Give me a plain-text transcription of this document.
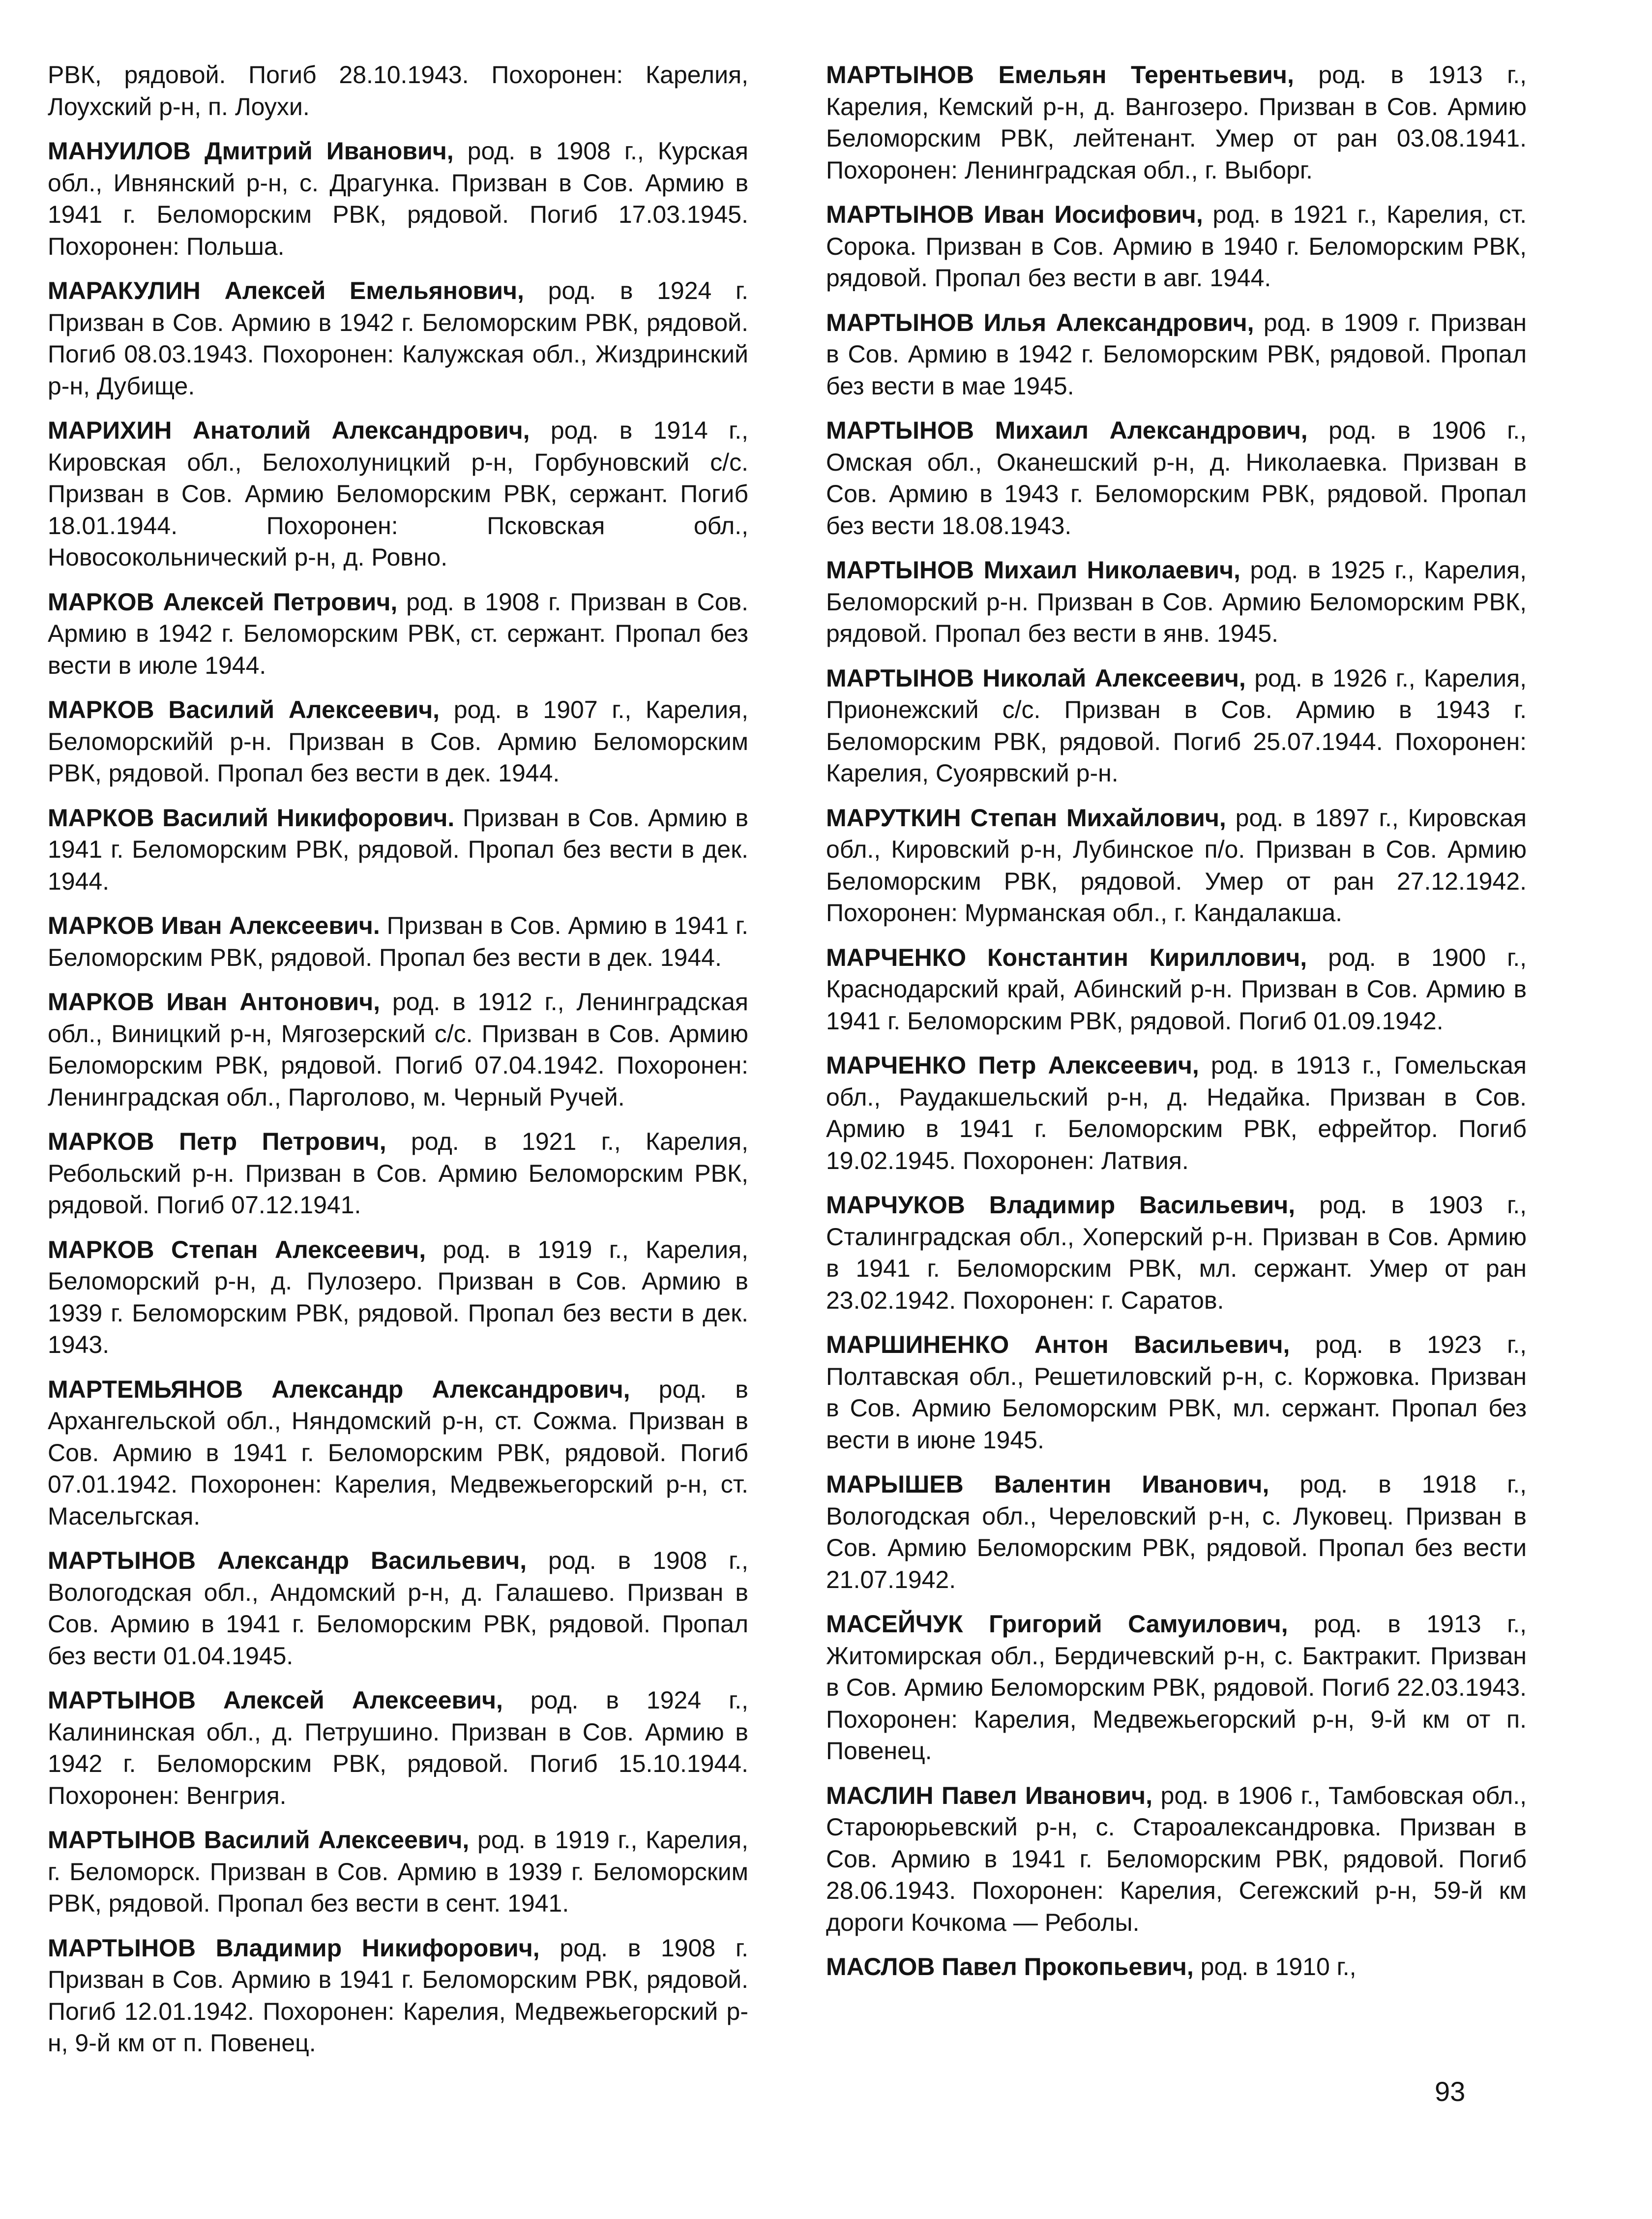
РВК, рядовой. Погиб 28.10.1943. Похоронен: Карелия, Лоухский р-н, п. Лоухи.

МАНУИЛОВ Дмитрий Иванович, род. в 1908 г., Курская обл., Ивнянский р-н, с. Драгунка. Призван в Сов. Армию в 1941 г. Беломорским РВК, рядовой. Погиб 17.03.1945. Похоронен: Польша.

МАРАКУЛИН Алексей Емельянович, род. в 1924 г. Призван в Сов. Армию в 1942 г. Беломорским РВК, рядовой. Погиб 08.03.1943. Похоронен: Калужская обл., Жиздринский р-н, Дубище.

МАРИХИН Анатолий Александрович, род. в 1914 г., Кировская обл., Белохолуницкий р-н, Горбуновский с/с. Призван в Сов. Армию Беломорским РВК, сержант. Погиб 18.01.1944. Похоронен: Псковская обл., Новосокольнический р-н, д. Ровно.

МАРКОВ Алексей Петрович, род. в 1908 г. Призван в Сов. Армию в 1942 г. Беломорским РВК, ст. сержант. Пропал без вести в июле 1944.

МАРКОВ Василий Алексеевич, род. в 1907 г., Карелия, Беломорскийй р-н. Призван в Сов. Армию Беломорским РВК, рядовой. Пропал без вести в дек. 1944.

МАРКОВ Василий Никифорович. Призван в Сов. Армию в 1941 г. Беломорским РВК, рядовой. Пропал без вести в дек. 1944.

МАРКОВ Иван Алексеевич. Призван в Сов. Армию в 1941 г. Беломорским РВК, рядовой. Пропал без вести в дек. 1944.

МАРКОВ Иван Антонович, род. в 1912 г., Ленинградская обл., Виницкий р-н, Мягозерский с/с. Призван в Сов. Армию Беломорским РВК, рядовой. Погиб 07.04.1942. Похоронен: Ленинградская обл., Парголово, м. Черный Ручей.

МАРКОВ Петр Петрович, род. в 1921 г., Карелия, Ребольский р-н. Призван в Сов. Армию Беломорским РВК, рядовой. Погиб 07.12.1941.

МАРКОВ Степан Алексеевич, род. в 1919 г., Карелия, Беломорский р-н, д. Пулозеро. Призван в Сов. Армию в 1939 г. Беломорским РВК, рядовой. Пропал без вести в дек. 1943.

МАРТЕМЬЯНОВ Александр Александрович, род. в Архангельской обл., Няндомский р-н, ст. Сожма. Призван в Сов. Армию в 1941 г. Беломорским РВК, рядовой. Погиб 07.01.1942. Похоронен: Карелия, Медвежьегорский р-н, ст. Масельгская.

МАРТЫНОВ Александр Васильевич, род. в 1908 г., Вологодская обл., Андомский р-н, д. Галашево. Призван в Сов. Армию в 1941 г. Беломорским РВК, рядовой. Пропал без вести 01.04.1945.

МАРТЫНОВ Алексей Алексеевич, род. в 1924 г., Калининская обл., д. Петрушино. Призван в Сов. Армию в 1942 г. Беломорским РВК, рядовой. Погиб 15.10.1944. Похоронен: Венгрия.

МАРТЫНОВ Василий Алексеевич, род. в 1919 г., Карелия, г. Беломорск. Призван в Сов. Армию в 1939 г. Беломорским РВК, рядовой. Пропал без вести в сент. 1941.

МАРТЫНОВ Владимир Никифорович, род. в 1908 г. Призван в Сов. Армию в 1941 г. Беломорским РВК, рядовой. Погиб 12.01.1942. Похоронен: Карелия, Медвежьегорский р-н, 9-й км от п. Повенец.

МАРТЫНОВ Емельян Терентьевич, род. в 1913 г., Карелия, Кемский р-н, д. Вангозеро. Призван в Сов. Армию Беломорским РВК, лейтенант. Умер от ран 03.08.1941. Похоронен: Ленинградская обл., г. Выборг.

МАРТЫНОВ Иван Иосифович, род. в 1921 г., Карелия, ст. Сорока. Призван в Сов. Армию в 1940 г. Беломорским РВК, рядовой. Пропал без вести в авг. 1944.

МАРТЫНОВ Илья Александрович, род. в 1909 г. Призван в Сов. Армию в 1942 г. Беломорским РВК, рядовой. Пропал без вести в мае 1945.

МАРТЫНОВ Михаил Александрович, род. в 1906 г., Омская обл., Оканешский р-н, д. Николаевка. Призван в Сов. Армию в 1943 г. Беломорским РВК, рядовой. Пропал без вести 18.08.1943.

МАРТЫНОВ Михаил Николаевич, род. в 1925 г., Карелия, Беломорский р-н. Призван в Сов. Армию Беломорским РВК, рядовой. Пропал без вести в янв. 1945.

МАРТЫНОВ Николай Алексеевич, род. в 1926 г., Карелия, Прионежский с/с. Призван в Сов. Армию в 1943 г. Беломорским РВК, рядовой. Погиб 25.07.1944. Похоронен: Карелия, Суоярвский р-н.

МАРУТКИН Степан Михайлович, род. в 1897 г., Кировская обл., Кировский р-н, Лубинское п/о. Призван в Сов. Армию Беломорским РВК, рядовой. Умер от ран 27.12.1942. Похоронен: Мурманская обл., г. Кандалакша.

МАРЧЕНКО Константин Кириллович, род. в 1900 г., Краснодарский край, Абинский р-н. Призван в Сов. Армию в 1941 г. Беломорским РВК, рядовой. Погиб 01.09.1942.

МАРЧЕНКО Петр Алексеевич, род. в 1913 г., Гомельская обл., Раудакшельский р-н, д. Недайка. Призван в Сов. Армию в 1941 г. Беломорским РВК, ефрейтор. Погиб 19.02.1945. Похоронен: Латвия.

МАРЧУКОВ Владимир Васильевич, род. в 1903 г., Сталинградская обл., Хоперский р-н. Призван в Сов. Армию в 1941 г. Беломорским РВК, мл. сержант. Умер от ран 23.02.1942. Похоронен: г. Саратов.

МАРШИНЕНКО Антон Васильевич, род. в 1923 г., Полтавская обл., Решетиловский р-н, с. Коржовка. Призван в Сов. Армию Беломорским РВК, мл. сержант. Пропал без вести в июне 1945.

МАРЫШЕВ Валентин Иванович, род. в 1918 г., Вологодская обл., Череловский р-н, с. Луковец. Призван в Сов. Армию Беломорским РВК, рядовой. Пропал без вести 21.07.1942.

МАСЕЙЧУК Григорий Самуилович, род. в 1913 г., Житомирская обл., Бердичевский р-н, с. Бактракит. Призван в Сов. Армию Беломорским РВК, рядовой. Погиб 22.03.1943. Похоронен: Карелия, Медвежьегорский р-н, 9-й км от п. Повенец.

МАСЛИН Павел Иванович, род. в 1906 г., Тамбовская обл., Староюрьевский р-н, с. Староалександровка. Призван в Сов. Армию в 1941 г. Беломорским РВК, рядовой. Погиб 28.06.1943. Похоронен: Карелия, Сегежский р-н, 59-й км дороги Кочкома — Реболы.

МАСЛОВ Павел Прокопьевич, род. в 1910 г.,

93
